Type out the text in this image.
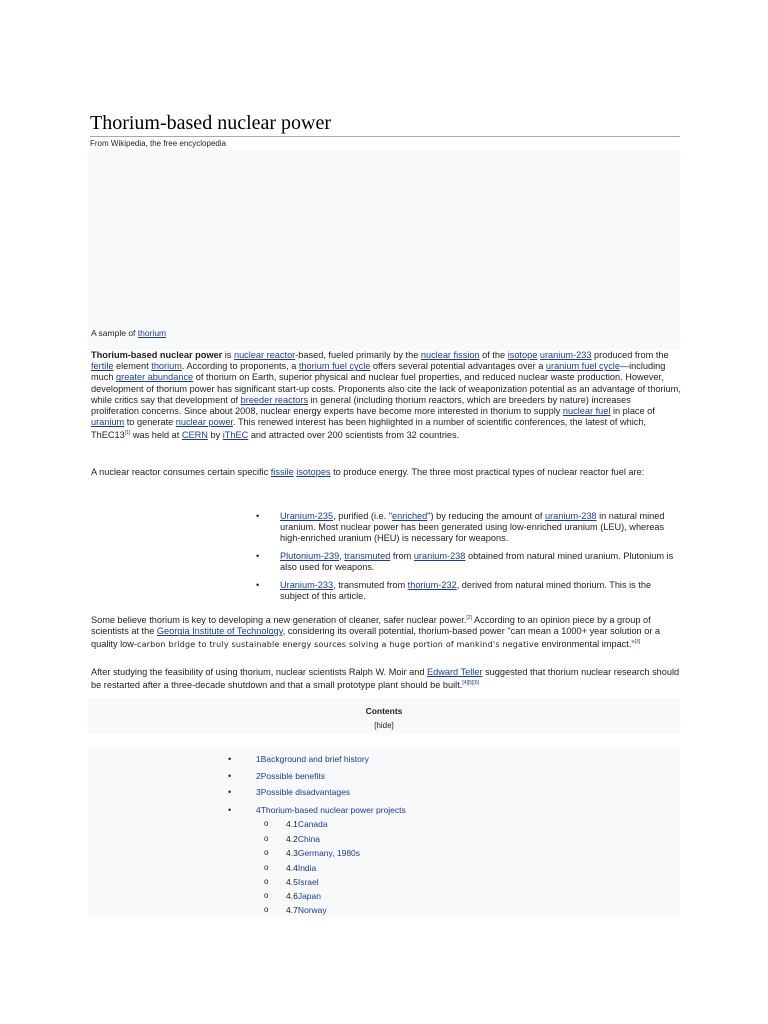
Thorium-based nuclear power
From Wikipedia, the free encyclopedia
A sample of thorium
Thorium-based nuclear power is nuclear reactor-based, fueled primarily by the nuclear fission of the isotope uranium-233 produced from the fertile element thorium. According to proponents, a thorium fuel cycle offers several potential advantages over a uranium fuel cycle—including much greater abundance of thorium on Earth, superior physical and nuclear fuel properties, and reduced nuclear waste production. However, development of thorium power has significant start-up costs. Proponents also cite the lack of weaponization potential as an advantage of thorium, while critics say that development of breeder reactors in general (including thorium reactors, which are breeders by nature) increases proliferation concerns. Since about 2008, nuclear energy experts have become more interested in thorium to supply nuclear fuel in place of uranium to generate nuclear power. This renewed interest has been highlighted in a number of scientific conferences, the latest of which, ThEC13[1] was held at CERN by iThEC and attracted over 200 scientists from 32 countries.
A nuclear reactor consumes certain specific fissile isotopes to produce energy. The three most practical types of nuclear reactor fuel are:
• Uranium-235, purified (i.e. "enriched") by reducing the amount of uranium-238 in natural mined uranium. Most nuclear power has been generated using low-enriched uranium (LEU), whereas high-enriched uranium (HEU) is necessary for weapons.
• Plutonium-239, transmuted from uranium-238 obtained from natural mined uranium. Plutonium is also used for weapons.
• Uranium-233, transmuted from thorium-232, derived from natural mined thorium. This is the subject of this article.
Some believe thorium is key to developing a new generation of cleaner, safer nuclear power.[2] According to an opinion piece by a group of scientists at the Georgia Institute of Technology, considering its overall potential, thorium-based power "can mean a 1000+ year solution or a quality low-carbon bridge to truly sustainable energy sources solving a huge portion of mankind's negative environmental impact."[3]
After studying the feasibility of using thorium, nuclear scientists Ralph W. Moir and Edward Teller suggested that thorium nuclear research should be restarted after a three-decade shutdown and that a small prototype plant should be built.[4][5][6]
Contents
[hide]
•	1Background and brief history
•	2Possible benefits
•	3Possible disadvantages
•	4Thorium-based nuclear power projects
o 4.1Canada
o 4.2China
o 4.3Germany, 1980s
o 4.4India
o 4.5Israel
o 4.6Japan
o 4.7Norway
